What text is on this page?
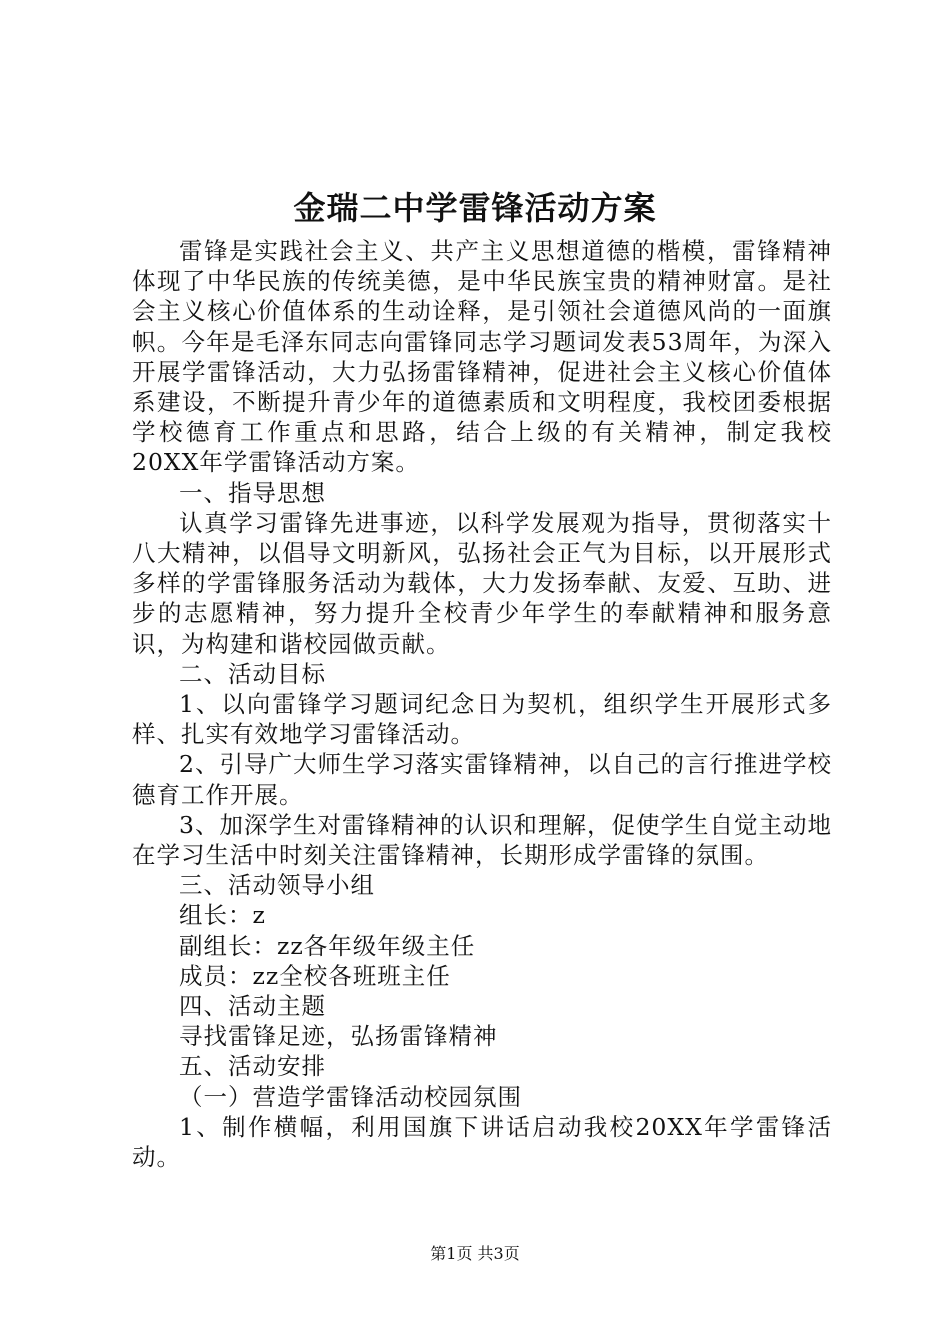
金瑞二中学雷锋活动方案

雷锋是实践社会主义、共产主义思想道德的楷模，雷锋精神体现了中华民族的传统美德，是中华民族宝贵的精神财富。是社会主义核心价值体系的生动诠释，是引领社会道德风尚的一面旗帜。今年是毛泽东同志向雷锋同志学习题词发表53周年，为深入开展学雷锋活动，大力弘扬雷锋精神，促进社会主义核心价值体系建设，不断提升青少年的道德素质和文明程度，我校团委根据学校德育工作重点和思路，结合上级的有关精神，制定我校20XX年学雷锋活动方案。

一、指导思想

认真学习雷锋先进事迹，以科学发展观为指导，贯彻落实十八大精神，以倡导文明新风，弘扬社会正气为目标，以开展形式多样的学雷锋服务活动为载体，大力发扬奉献、友爱、互助、进步的志愿精神，努力提升全校青少年学生的奉献精神和服务意识，为构建和谐校园做贡献。

二、活动目标

1、以向雷锋学习题词纪念日为契机，组织学生开展形式多样、扎实有效地学习雷锋活动。

2、引导广大师生学习落实雷锋精神，以自己的言行推进学校德育工作开展。

3、加深学生对雷锋精神的认识和理解，促使学生自觉主动地在学习生活中时刻关注雷锋精神，长期形成学雷锋的氛围。

三、活动领导小组

组长：z

副组长：zz各年级年级主任

成员：zz全校各班班主任

四、活动主题

寻找雷锋足迹，弘扬雷锋精神

五、活动安排

（一）营造学雷锋活动校园氛围

1、制作横幅，利用国旗下讲话启动我校20XX年学雷锋活动。

第1页 共3页
